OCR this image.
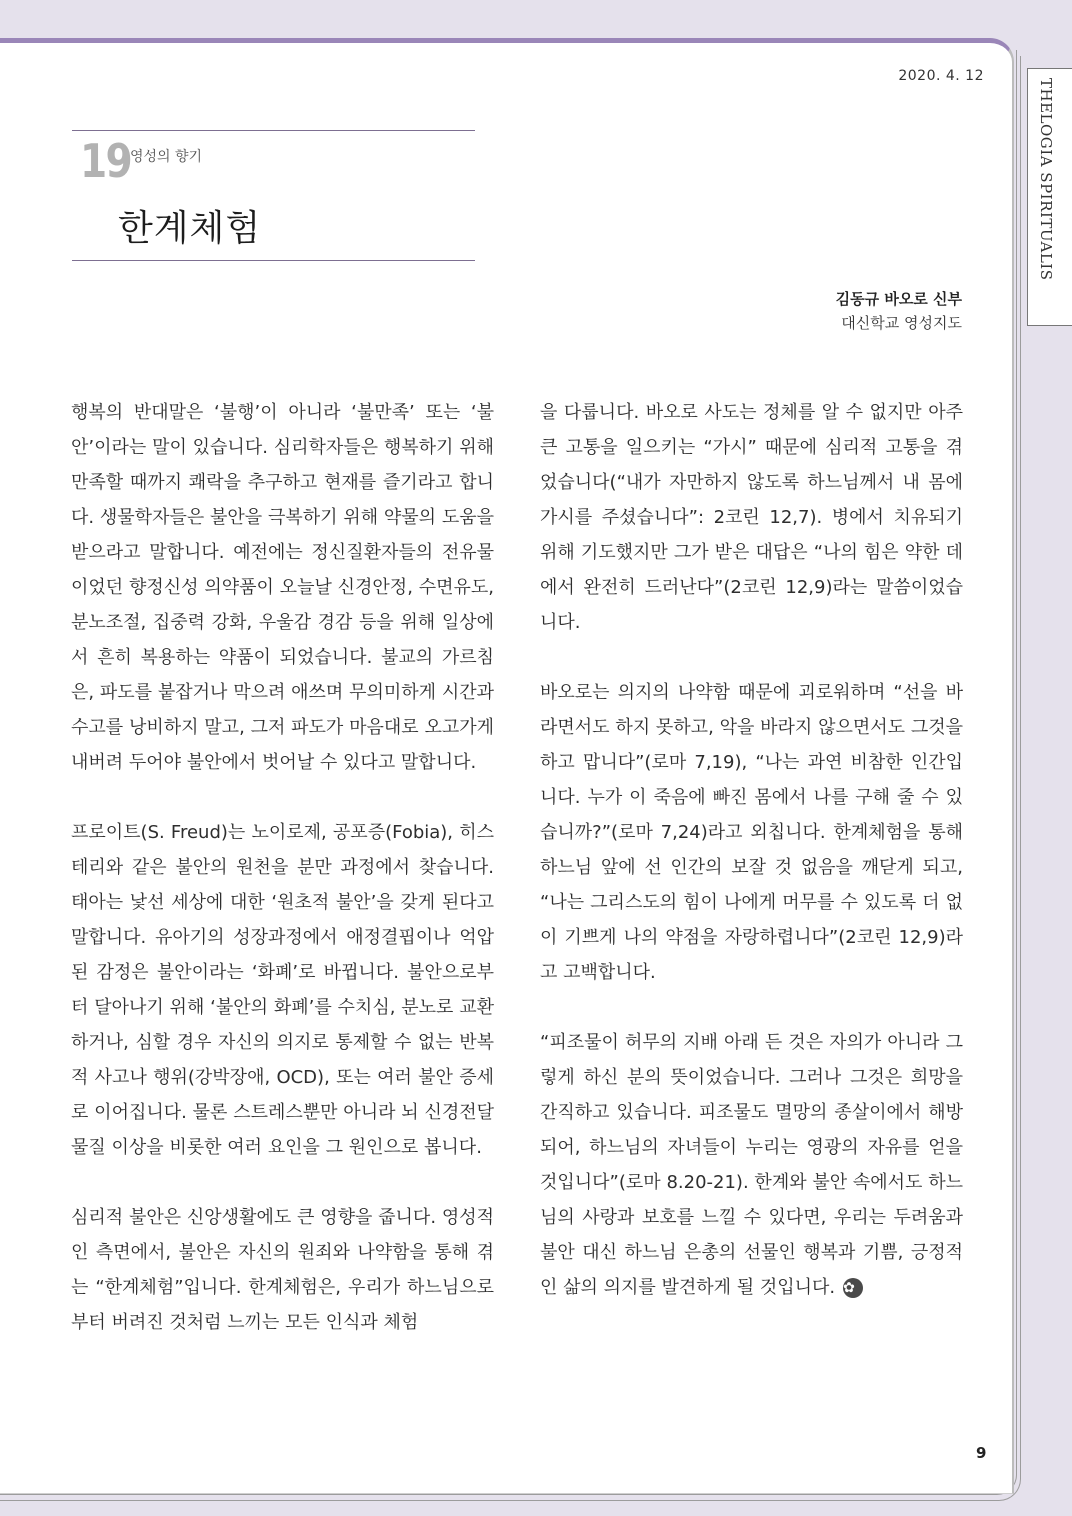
2020. 4. 12
THELOGIA SPIRITUALIS
19
영성의 향기
한계체험
김동규 바오로 신부
대신학교 영성지도

행복의 반대말은 ‘불행’이 아니라 ‘불만족’ 또는 ‘불안’이라는 말이 있습니다. 심리학자들은 행복하기 위해 만족할 때까지 쾌락을 추구하고 현재를 즐기라고 합니다. 생물학자들은 불안을 극복하기 위해 약물의 도움을 받으라고 말합니다. 예전에는 정신질환자들의 전유물이었던 향정신성 의약품이 오늘날 신경안정, 수면유도, 분노조절, 집중력 강화, 우울감 경감 등을 위해 일상에서 흔히 복용하는 약품이 되었습니다. 불교의 가르침은, 파도를 붙잡거나 막으려 애쓰며 무의미하게 시간과 수고를 낭비하지 말고, 그저 파도가 마음대로 오고가게 내버려 두어야 불안에서 벗어날 수 있다고 말합니다.

프로이트(S. Freud)는 노이로제, 공포증(Fobia), 히스테리와 같은 불안의 원천을 분만 과정에서 찾습니다. 태아는 낯선 세상에 대한 ‘원초적 불안’을 갖게 된다고 말합니다. 유아기의 성장과정에서 애정결핍이나 억압된 감정은 불안이라는 ‘화폐’로 바뀝니다. 불안으로부터 달아나기 위해 ‘불안의 화폐’를 수치심, 분노로 교환하거나, 심할 경우 자신의 의지로 통제할 수 없는 반복적 사고나 행위(강박장애, OCD), 또는 여러 불안 증세로 이어집니다. 물론 스트레스뿐만 아니라 뇌 신경전달물질 이상을 비롯한 여러 요인을 그 원인으로 봅니다.

심리적 불안은 신앙생활에도 큰 영향을 줍니다. 영성적인 측면에서, 불안은 자신의 원죄와 나약함을 통해 겪는 “한계체험”입니다. 한계체험은, 우리가 하느님으로부터 버려진 것처럼 느끼는 모든 인식과 체험

을 다룹니다. 바오로 사도는 정체를 알 수 없지만 아주 큰 고통을 일으키는 “가시” 때문에 심리적 고통을 겪었습니다(“내가 자만하지 않도록 하느님께서 내 몸에 가시를 주셨습니다”: 2코린 12,7). 병에서 치유되기 위해 기도했지만 그가 받은 대답은 “나의 힘은 약한 데에서 완전히 드러난다”(2코린 12,9)라는 말씀이었습니다.

바오로는 의지의 나약함 때문에 괴로워하며 “선을 바라면서도 하지 못하고, 악을 바라지 않으면서도 그것을 하고 맙니다”(로마 7,19), “나는 과연 비참한 인간입니다. 누가 이 죽음에 빠진 몸에서 나를 구해 줄 수 있습니까?”(로마 7,24)라고 외칩니다. 한계체험을 통해 하느님 앞에 선 인간의 보잘 것 없음을 깨닫게 되고, “나는 그리스도의 힘이 나에게 머무를 수 있도록 더 없이 기쁘게 나의 약점을 자랑하렵니다”(2코린 12,9)라고 고백합니다.

“피조물이 허무의 지배 아래 든 것은 자의가 아니라 그렇게 하신 분의 뜻이었습니다. 그러나 그것은 희망을 간직하고 있습니다. 피조물도 멸망의 종살이에서 해방되어, 하느님의 자녀들이 누리는 영광의 자유를 얻을 것입니다”(로마 8.20-21). 한계와 불안 속에서도 하느님의 사랑과 보호를 느낄 수 있다면, 우리는 두려움과 불안 대신 하느님 은총의 선물인 행복과 기쁨, 긍정적인 삶의 의지를 발견하게 될 것입니다. ✿

9
